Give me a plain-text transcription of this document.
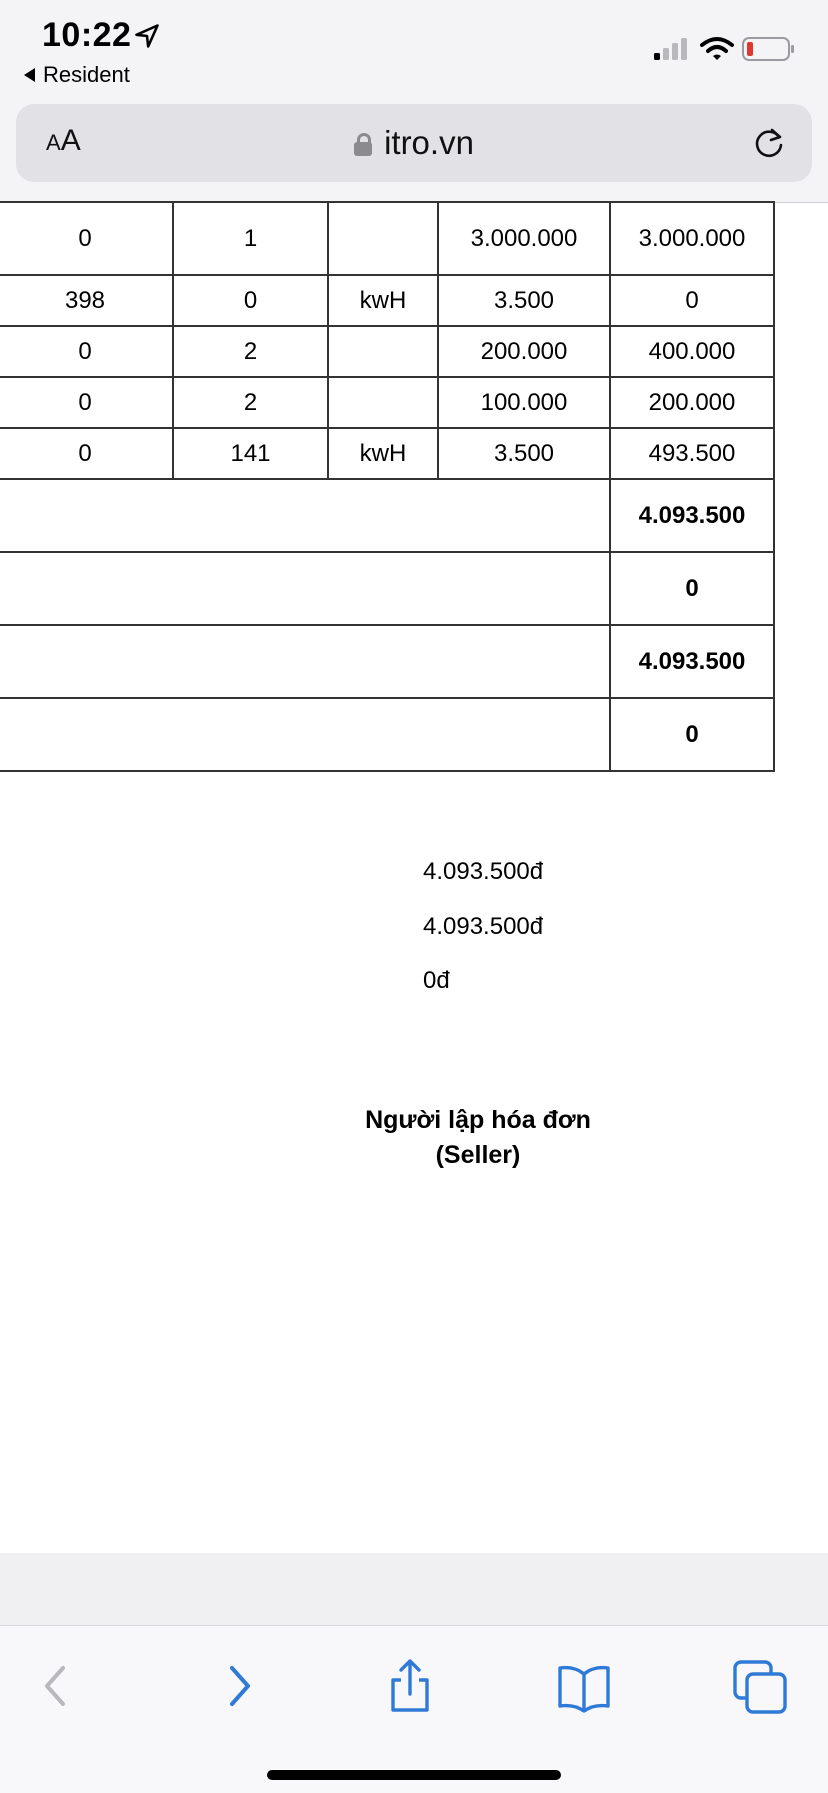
10:22
Resident
AA	itro.vn
0	1		3.000.000	3.000.000
398	0	kwH	3.500	0
0	2		200.000	400.000
0	2		100.000	200.000
0	141	kwH	3.500	493.500
				4.093.500
				0
				4.093.500
				0
4.093.500đ
4.093.500đ
0đ
Người lập hóa đơn
(Seller)
